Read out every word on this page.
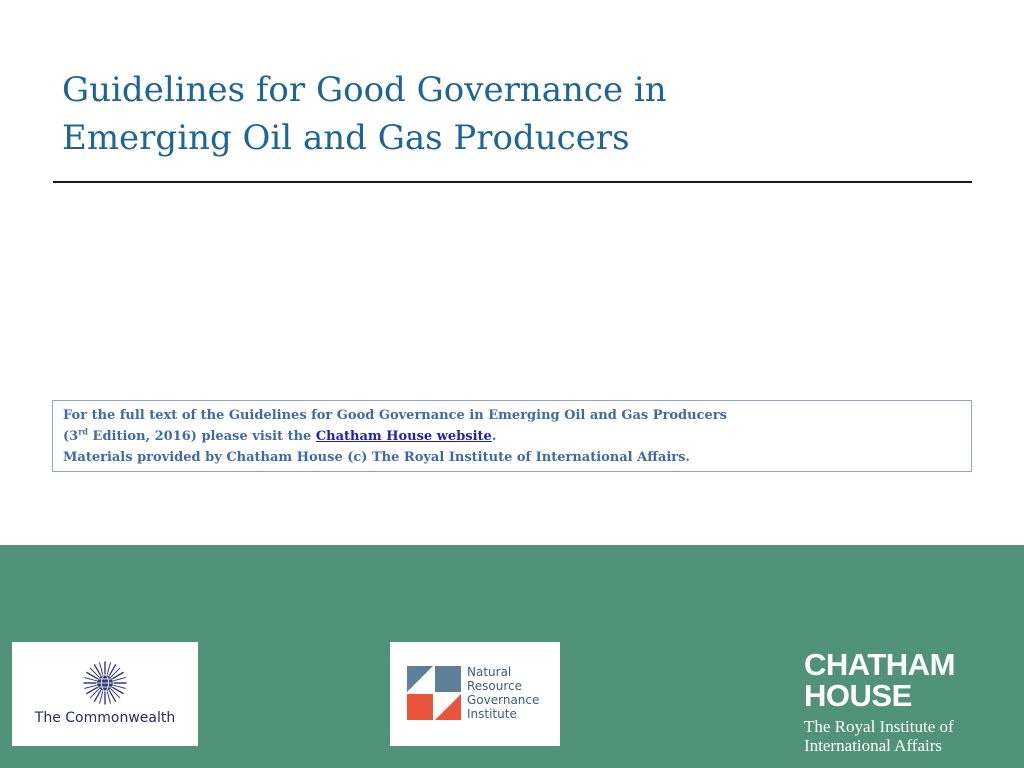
Guidelines for Good Governance in
Emerging Oil and Gas Producers
For the full text of the Guidelines for Good Governance in Emerging Oil and Gas Producers
(3rd Edition, 2016) please visit the Chatham House website.
Materials provided by Chatham House (c) The Royal Institute of International Affairs.
The Commonwealth
Natural
Resource
Governance
Institute
CHATHAM
HOUSE
The Royal Institute of
International Affairs
